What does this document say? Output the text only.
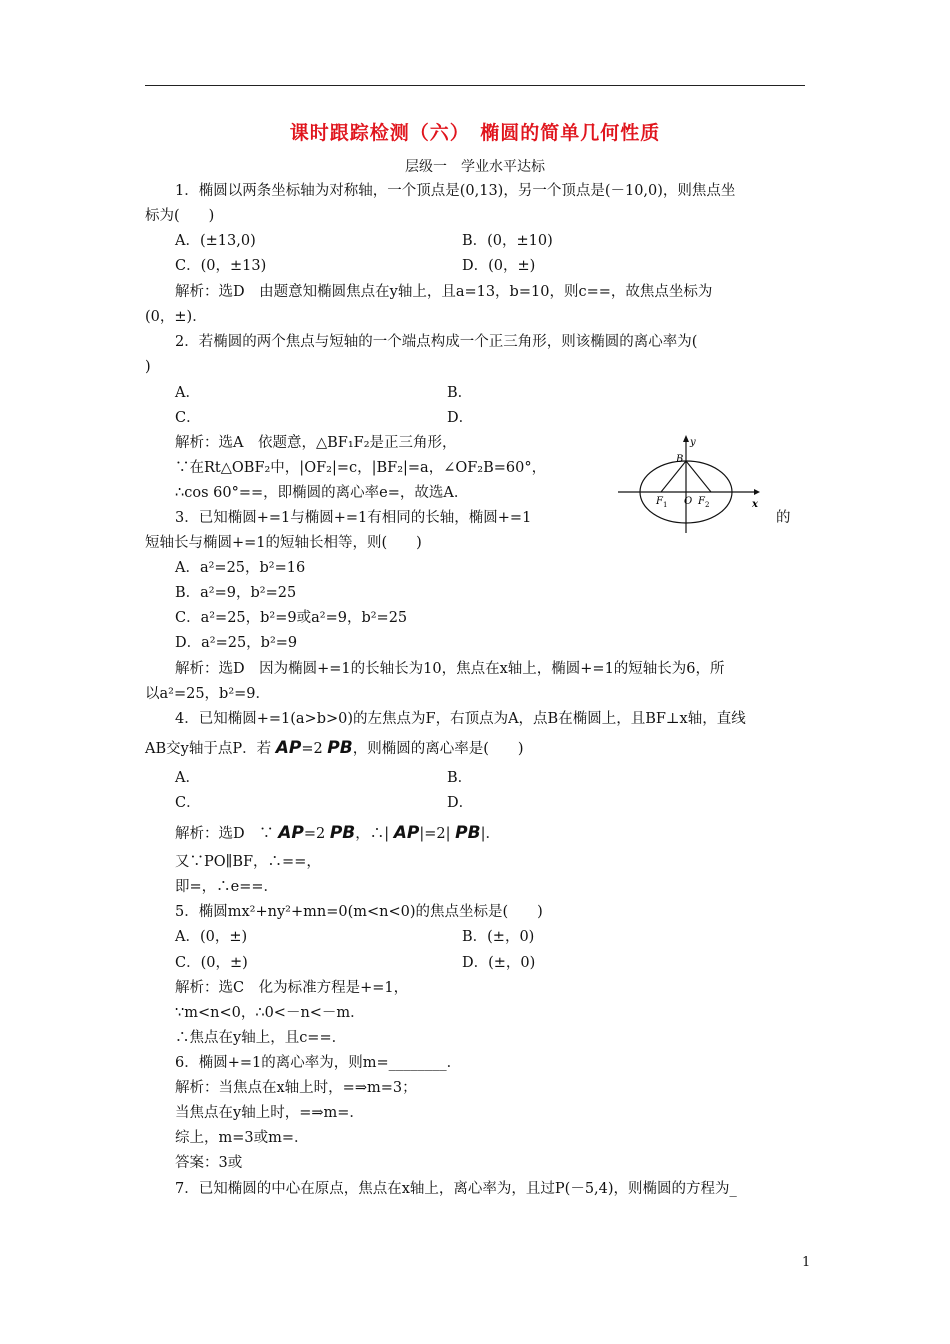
课时跟踪检测（六）　椭圆的简单几何性质
层级一　学业水平达标
1．椭圆以两条坐标轴为对称轴，一个顶点是(0,13)，另一个顶点是(－10,0)，则焦点坐
标为(　　)
A．(±13,0)	B．(0，±10)
C．(0，±13)	D．(0，±)
解析：选D　由题意知椭圆焦点在y轴上，且a=13，b=10，则c==，故焦点坐标为
(0，±)．
2．若椭圆的两个焦点与短轴的一个端点构成一个正三角形，则该椭圆的离心率为(
)
A．	B．
C．	D．
解析：选A　依题意，△BF₁F₂是正三角形，
∵在Rt△OBF₂中，|OF₂|=c，|BF₂|=a，∠OF₂B=60°，
∴cos 60°==，即椭圆的离心率e=，故选A．
y
B
F 1 O F 2	x
3．已知椭圆+=1与椭圆+=1有相同的长轴，椭圆+=1	的
短轴长与椭圆+=1的短轴长相等，则(　　)
A．a²=25，b²=16
B．a²=9，b²=25
C．a²=25，b²=9或a²=9，b²=25
D．a²=25，b²=9
解析：选D　因为椭圆+=1的长轴长为10，焦点在x轴上，椭圆+=1的短轴长为6，所
以a²=25，b²=9．
4．已知椭圆+=1(a>b>0)的左焦点为F，右顶点为A，点B在椭圆上，且BF⊥x轴，直线
AB交y轴于点P．若 AP=2 PB，则椭圆的离心率是(　　)
A．	B．
C．	D．
解析：选D　∵ AP=2 PB，∴| AP|=2| PB|．
又∵PO∥BF，∴==，
即=，∴e==．
5．椭圆mx²+ny²+mn=0(m<n<0)的焦点坐标是(　　)
A．(0，±)	B．(±，0)
C．(0，±)	D．(±，0)
解析：选C　化为标准方程是+=1，
∵m<n<0，∴0<－n<－m．
∴焦点在y轴上，且c==．
6．椭圆+=1的离心率为，则m=________．
解析：当焦点在x轴上时，=⇒m=3；
当焦点在y轴上时，=⇒m=．
综上，m=3或m=．
答案：3或
7．已知椭圆的中心在原点，焦点在x轴上，离心率为，且过P(－5,4)，则椭圆的方程为_
1
